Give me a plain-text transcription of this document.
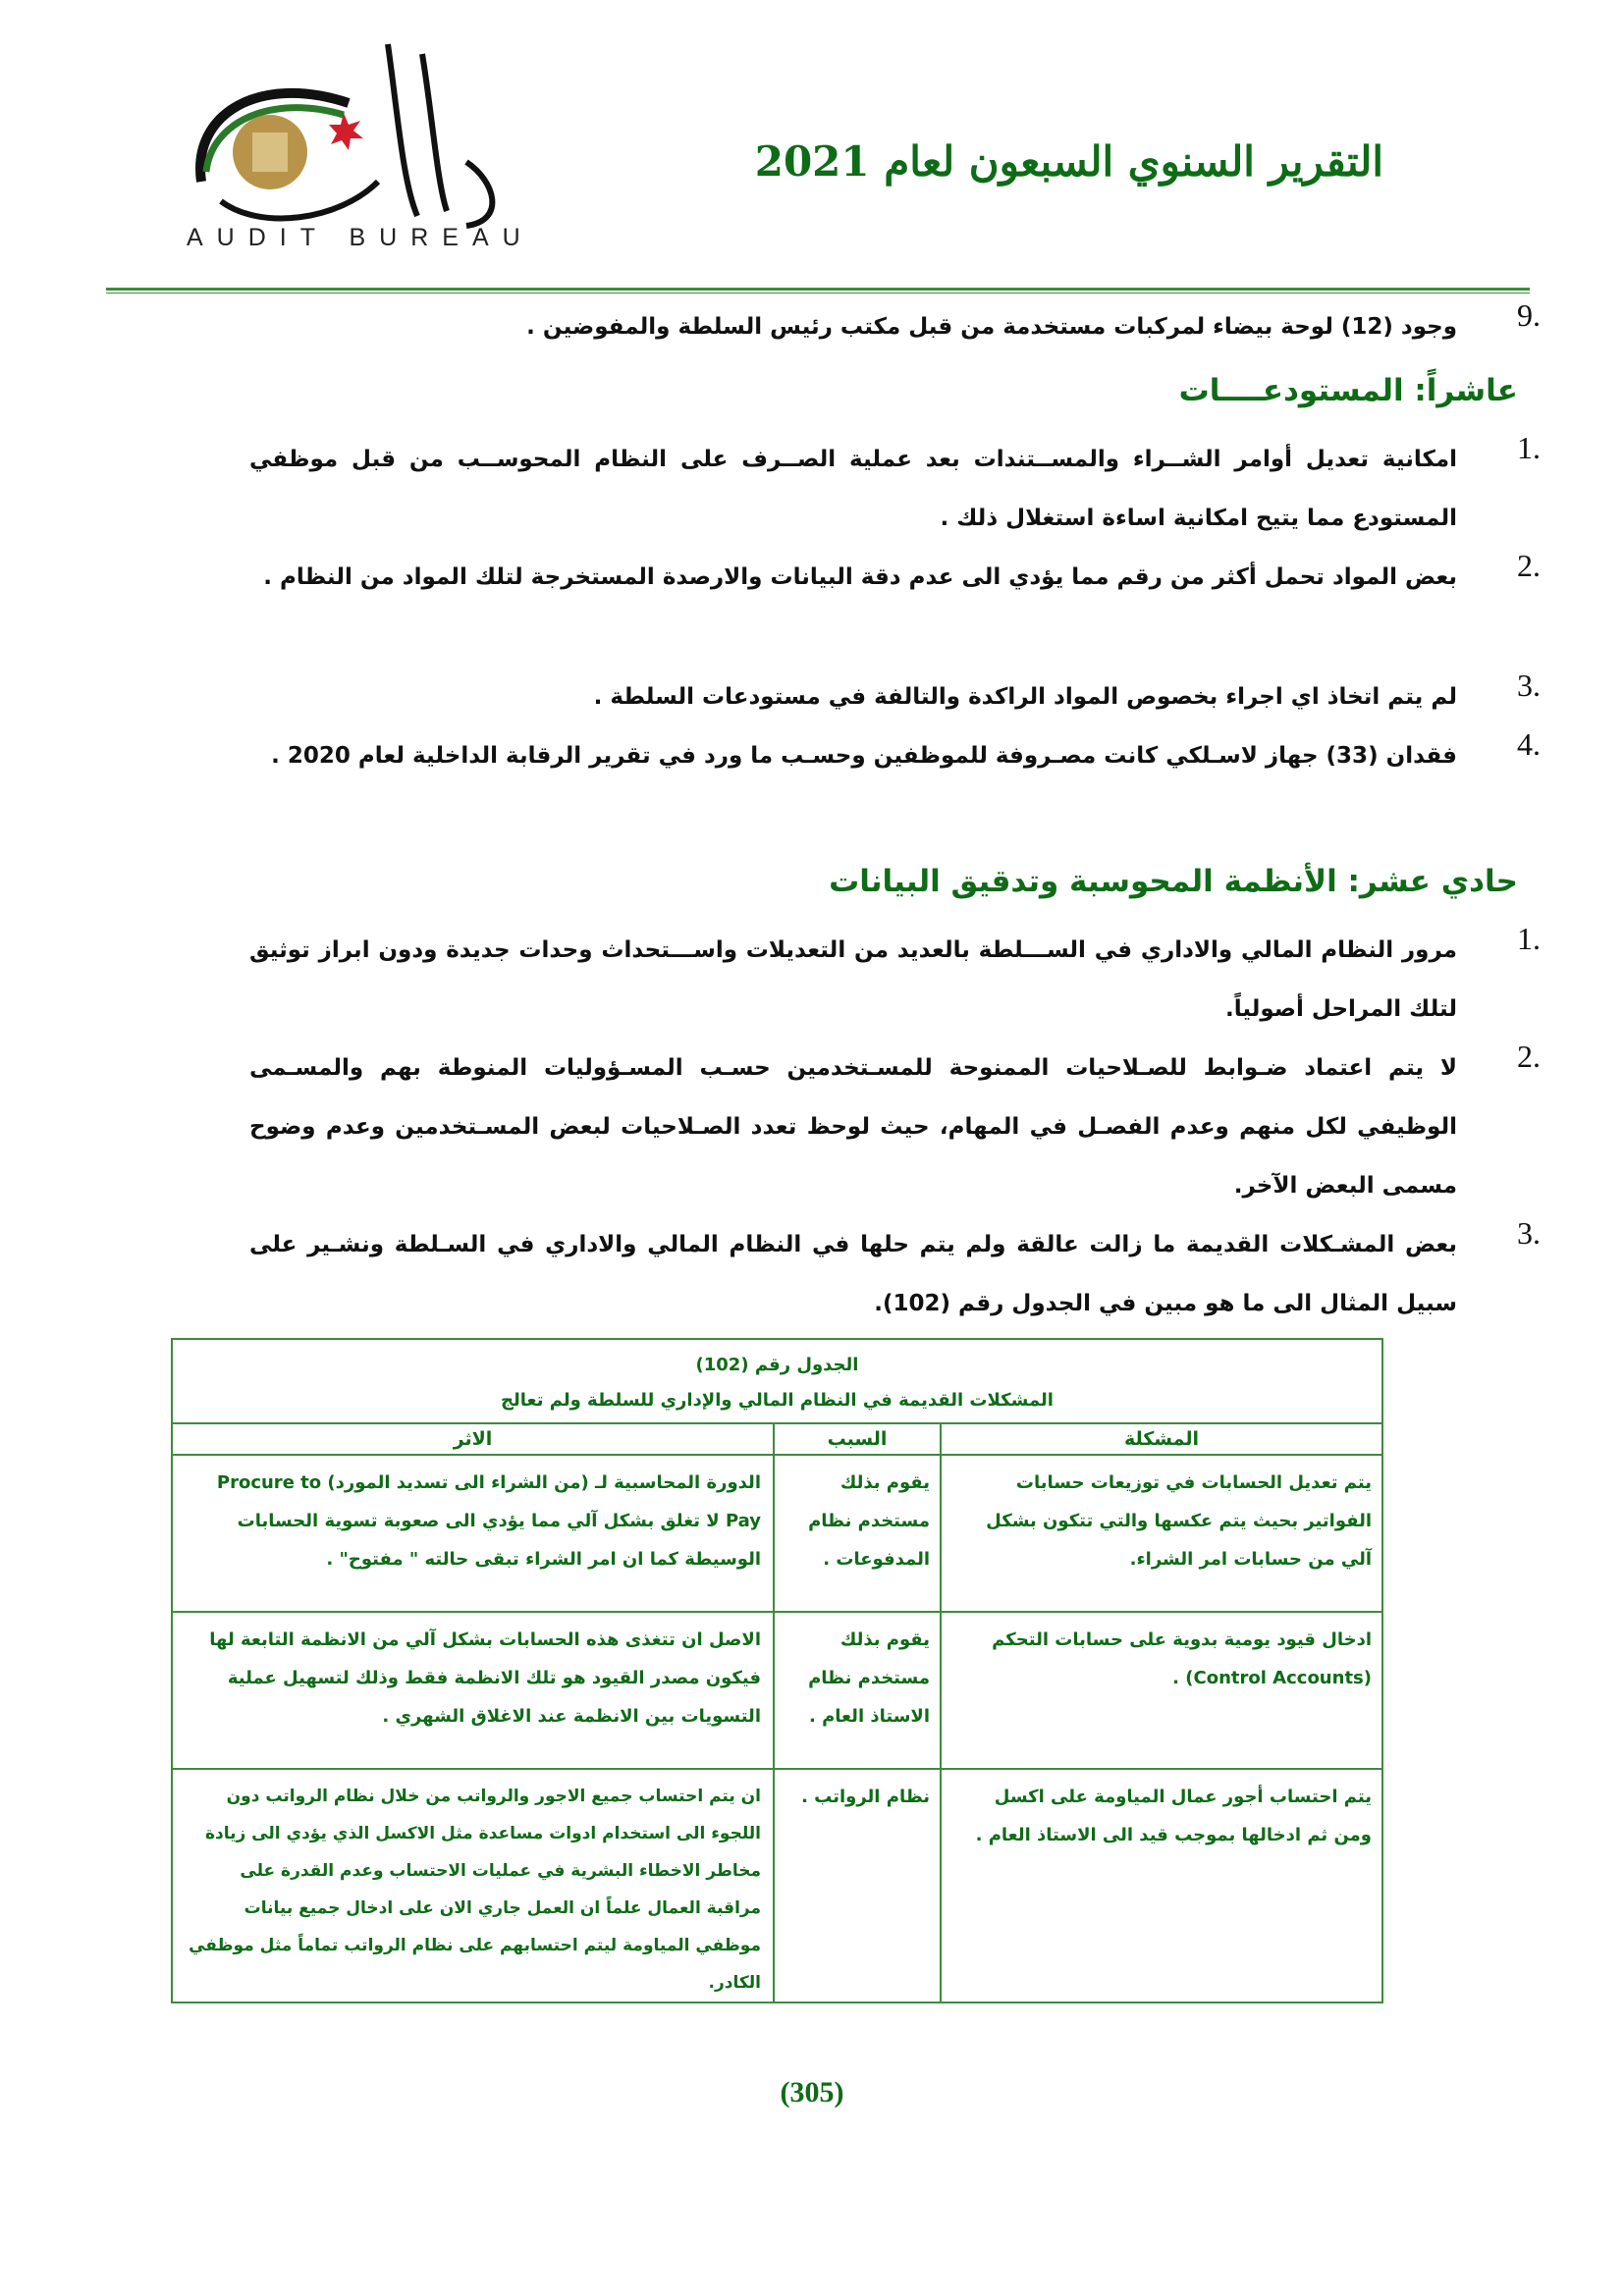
AUDIT BUREAU
التقرير السنوي السبعون لعام 2021
.9
وجود (12) لوحة بيضاء لمركبات مستخدمة من قبل مكتب رئيس السلطة والمفوضين .
عاشراً: المستودعــــات
.1
امكانية تعديل أوامر الشــراء والمســتندات بعد عملية الصــرف على النظام المحوســب من قبل موظفي المستودع مما يتيح امكانية اساءة استغلال ذلك .
.2
بعض المواد تحمل أكثر من رقم مما يؤدي الى عدم دقة البيانات والارصدة المستخرجة لتلك المواد من النظام .
.3
لم يتم اتخاذ اي اجراء بخصوص المواد الراكدة والتالفة في مستودعات السلطة .
.4
فقدان (33) جهاز لاسـلكي كانت مصـروفة للموظفين وحسـب ما ورد في تقرير الرقابة الداخلية لعام 2020 .
حادي عشر: الأنظمة المحوسبة وتدقيق البيانات
.1
مرور النظام المالي والاداري في الســـلطة بالعديد من التعديلات واســـتحداث وحدات جديدة ودون ابراز توثيق لتلك المراحل أصولياً.
.2
لا يتم اعتماد ضـوابط للصـلاحيات الممنوحة للمسـتخدمين حسـب المسـؤوليات المنوطة بهم والمسـمى الوظيفي لكل منهم وعدم الفصـل في المهام، حيث لوحظ تعدد الصـلاحيات لبعض المسـتخدمين وعدم وضوح مسمى البعض الآخر.
.3
بعض المشـكلات القديمة ما زالت عالقة ولم يتم حلها في النظام المالي والاداري في السـلطة ونشـير على سبيل المثال الى ما هو مبين في الجدول رقم (102).
الجدول رقم (102)
المشكلات القديمة في النظام المالي والإداري للسلطة ولم تعالج
المشكلة
السبب
الاثر
يتم تعديل الحسابات في توزيعات حسابات الفواتير بحيث يتم عكسها والتي تتكون بشكل آلي من حسابات امر الشراء.
يقوم بذلك مستخدم نظام المدفوعات .
الدورة المحاسبية لـ (من الشراء الى تسديد المورد) Procure to Pay لا تغلق بشكل آلي مما يؤدي الى صعوبة تسوية الحسابات الوسيطة كما ان امر الشراء تبقى حالته " مفتوح" .
ادخال قيود يومية بدوية على حسابات التحكم (Control Accounts) .
يقوم بذلك مستخدم نظام الاستاذ العام .
الاصل ان تتغذى هذه الحسابات بشكل آلي من الانظمة التابعة لها فيكون مصدر القيود هو تلك الانظمة فقط وذلك لتسهيل عملية التسويات بين الانظمة عند الاغلاق الشهري .
يتم احتساب أجور عمال المياومة على اكسل ومن ثم ادخالها بموجب قيد الى الاستاذ العام .
نظام الرواتب .
ان يتم احتساب جميع الاجور والرواتب من خلال نظام الرواتب دون اللجوء الى استخدام ادوات مساعدة مثل الاكسل الذي يؤدي الى زيادة مخاطر الاخطاء البشرية في عمليات الاحتساب وعدم القدرة على مراقبة العمال علماً ان العمل جاري الان على ادخال جميع بيانات موظفي المياومة ليتم احتسابهم على نظام الرواتب تماماً مثل موظفي الكادر.
(305)
